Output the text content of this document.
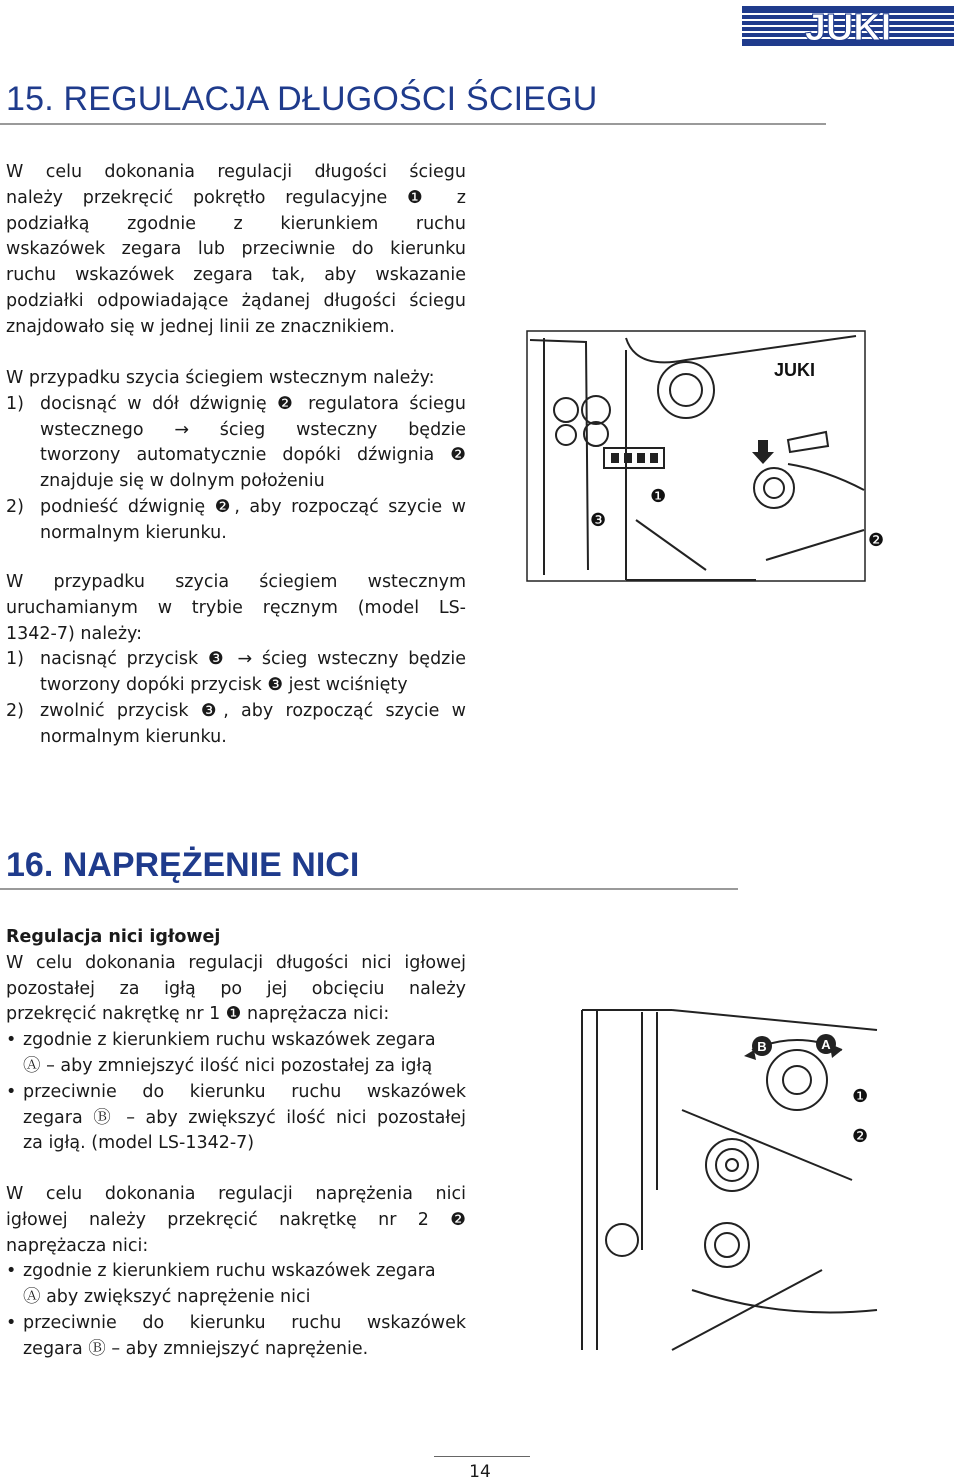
JUKI
15. REGULACJA DŁUGOŚCI ŚCIEGU

W celu dokonania regulacji długości ściegu

należy przekręcić pokrętło regulacyjne ❶ z

podziałką zgodnie z kierunkiem ruchu

wskazówek zegara lub przeciwnie do kierunku

ruchu wskazówek zegara tak, aby wskazanie

podziałki odpowiadające żądanej długości ściegu

znajdowało się w jednej linii ze znacznikiem.

W przypadku szycia ściegiem wstecznym należy:

1) docisnąć w dół dźwignię ❷ regulatora ściegu

wstecznego → ścieg wsteczny będzie

tworzony automatycznie dopóki dźwignia ❷

znajduje się w dolnym położeniu

2) podnieść dźwignię ❷, aby rozpocząć szycie w

normalnym kierunku.

W przypadku szycia ściegiem wstecznym

uruchamianym w trybie ręcznym (model LS-

1342-7) należy:

1) nacisnąć przycisk ❸ → ścieg wsteczny będzie

tworzony dopóki przycisk ❸ jest wciśnięty

2) zwolnić przycisk ❸, aby rozpocząć szycie w

normalnym kierunku.

JUKI
❶
❷
❸
16. NAPRĘŻENIE NICI

Regulacja nici igłowej

W celu dokonania regulacji długości nici igłowej

pozostałej za igłą po jej obcięciu należy

przekręcić nakrętkę nr 1 ❶ naprężacza nici:

• zgodnie z kierunkiem ruchu wskazówek zegara

Ⓐ – aby zmniejszyć ilość nici pozostałej za igłą

• przeciwnie do kierunku ruchu wskazówek

zegara Ⓑ – aby zwiększyć ilość nici pozostałej

za igłą. (model LS-1342-7)

W celu dokonania regulacji naprężenia nici

igłowej należy przekręcić nakrętkę nr 2 ❷

naprężacza nici:

• zgodnie z kierunkiem ruchu wskazówek zegara

Ⓐ aby zwiększyć naprężenie nici

• przeciwnie do kierunku ruchu wskazówek

zegara Ⓑ – aby zmniejszyć naprężenie.

B	A
❶
❷
14
